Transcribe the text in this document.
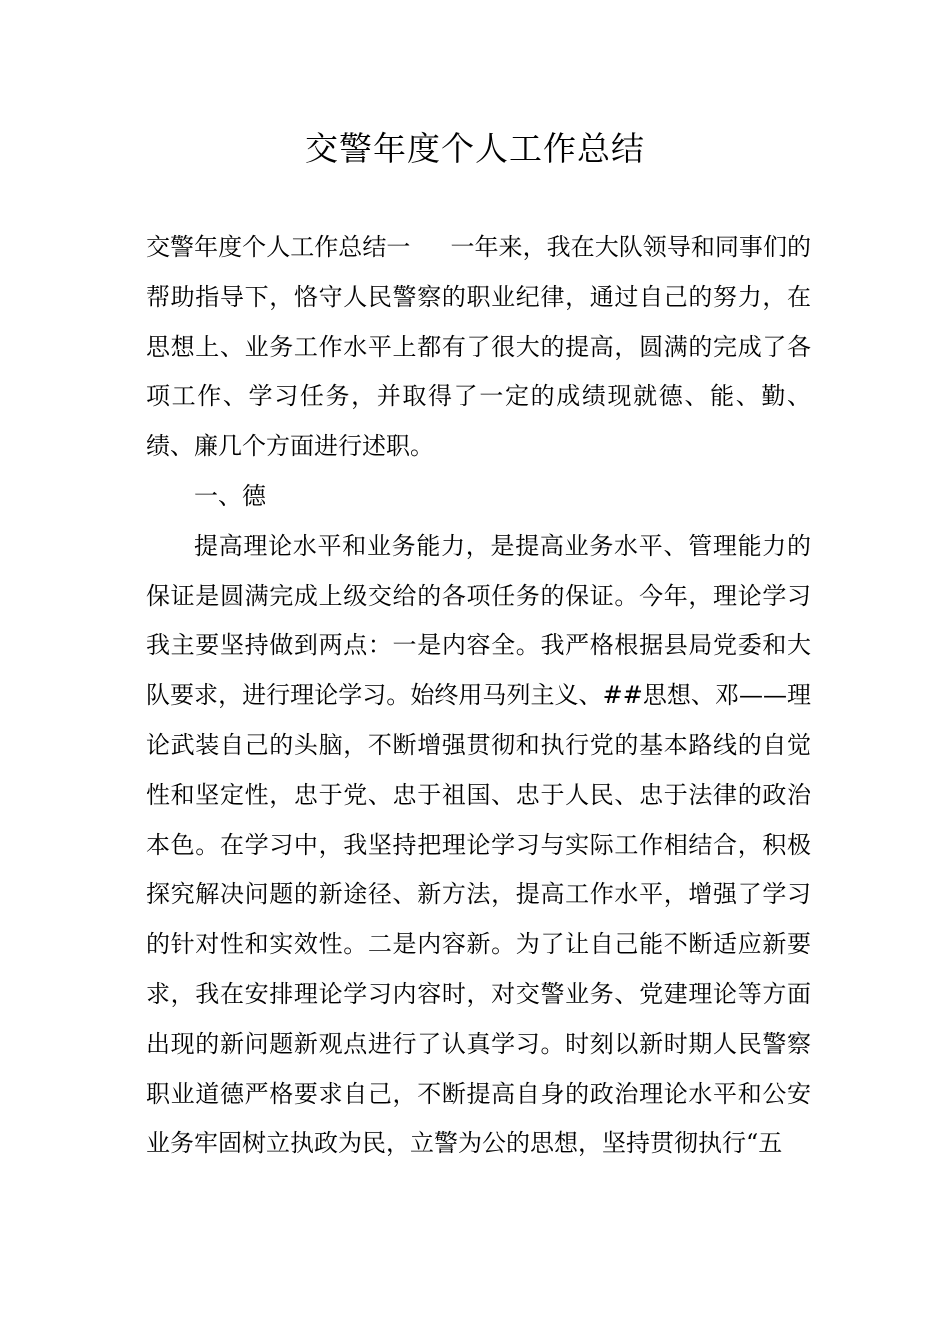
交警年度个人工作总结

交警年度个人工作总结一 一年来，我在大队领导和同事们的帮助指导下，恪守人民警察的职业纪律，通过自己的努力，在思想上、业务工作水平上都有了很大的提高，圆满的完成了各项工作、学习任务，并取得了一定的成绩现就德、能、勤、绩、廉几个方面进行述职。

一、德

提高理论水平和业务能力，是提高业务水平、管理能力的保证是圆满完成上级交给的各项任务的保证。今年，理论学习我主要坚持做到两点：一是内容全。我严格根据县局党委和大队要求，进行理论学习。始终用马列主义、##思想、邓——理论武装自己的头脑，不断增强贯彻和执行党的基本路线的自觉性和坚定性，忠于党、忠于祖国、忠于人民、忠于法律的政治本色。在学习中，我坚持把理论学习与实际工作相结合，积极探究解决问题的新途径、新方法，提高工作水平，增强了学习的针对性和实效性。二是内容新。为了让自己能不断适应新要求，我在安排理论学习内容时，对交警业务、党建理论等方面出现的新问题新观点进行了认真学习。时刻以新时期人民警察职业道德严格要求自己，不断提高自身的政治理论水平和公安业务牢固树立执政为民，立警为公的思想，坚持贯彻执行“五
